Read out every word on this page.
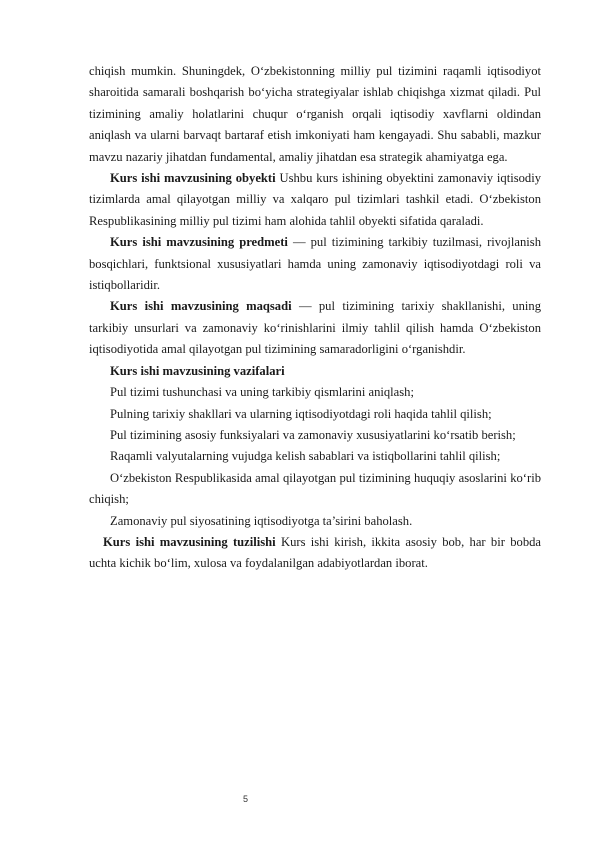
chiqish mumkin. Shuningdek, O‘zbekistonning milliy pul tizimini raqamli iqtisodiyot sharoitida samarali boshqarish bo‘yicha strategiyalar ishlab chiqishga xizmat qiladi. Pul tizimining amaliy holatlarini chuqur o‘rganish orqali iqtisodiy xavflarni oldindan aniqlash va ularni barvaqt bartaraf etish imkoniyati ham kengayadi. Shu sababli, mazkur mavzu nazariy jihatdan fundamental, amaliy jihatdan esa strategik ahamiyatga ega.

Kurs ishi mavzusining obyekti Ushbu kurs ishining obyektini zamonaviy iqtisodiy tizimlarda amal qilayotgan milliy va xalqaro pul tizimlari tashkil etadi. O‘zbekiston Respublikasining milliy pul tizimi ham alohida tahlil obyekti sifatida qaraladi.

Kurs ishi mavzusining predmeti — pul tizimining tarkibiy tuzilmasi, rivojlanish bosqichlari, funktsional xususiyatlari hamda uning zamonaviy iqtisodiyotdagi roli va istiqbollaridir.

Kurs ishi mavzusining maqsadi — pul tizimining tarixiy shakllanishi, uning tarkibiy unsurlari va zamonaviy ko‘rinishlarini ilmiy tahlil qilish hamda O‘zbekiston iqtisodiyotida amal qilayotgan pul tizimining samaradorligini o‘rganishdir.

Kurs ishi mavzusining vazifalari

Pul tizimi tushunchasi va uning tarkibiy qismlarini aniqlash;

Pulning tarixiy shakllari va ularning iqtisodiyotdagi roli haqida tahlil qilish;

Pul tizimining asosiy funksiyalari va zamonaviy xususiyatlarini ko‘rsatib berish;

Raqamli valyutalarning vujudga kelish sabablari va istiqbollarini tahlil qilish;

O‘zbekiston Respublikasida amal qilayotgan pul tizimining huquqiy asoslarini ko‘rib chiqish;

Zamonaviy pul siyosatining iqtisodiyotga ta’sirini baholash.

Kurs ishi mavzusining tuzilishi Kurs ishi kirish, ikkita asosiy bob, har bir bobda uchta kichik bo‘lim, xulosa va foydalanilgan adabiyotlardan iborat.

5
